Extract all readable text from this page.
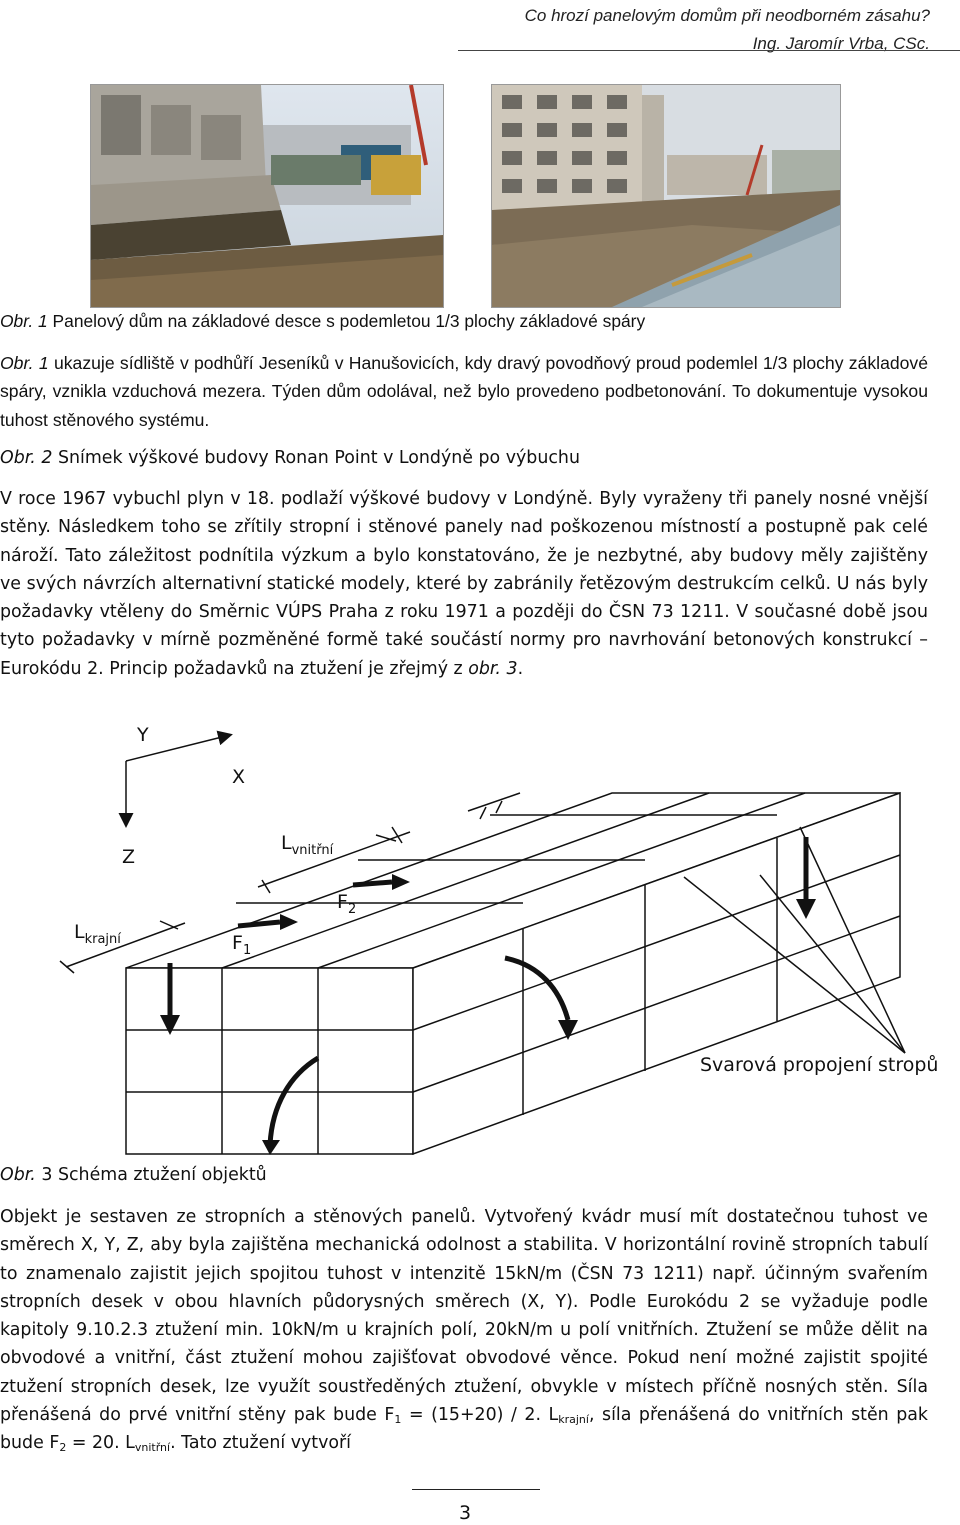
Co hrozí panelovým domům při neodborném zásahu?
Ing. Jaromír Vrba, CSc.

Obr. 1 Panelový dům na základové desce s podemletou 1/3 plochy základové spáry

Obr. 1 ukazuje sídliště v podhůří Jeseníků v Hanušovicích, kdy dravý povodňový proud podemlel 1/3 plochy základové spáry, vznikla vzduchová mezera. Týden dům odolával, než bylo provedeno podbetonování. To dokumentuje vysokou tuhost stěnového systému.

Obr. 2 Snímek výškové budovy Ronan Point v Londýně po výbuchu

V roce 1967 vybuchl plyn v 18. podlaží výškové budovy v Londýně. Byly vyraženy tři panely nosné vnější stěny. Následkem toho se zřítily stropní i stěnové panely nad poškozenou místností a postupně pak celé nároží. Tato záležitost podnítila výzkum a bylo konstatováno, že je nezbytné, aby budovy měly zajištěny ve svých návrzích alternativní statické modely, které by zabránily řetězovým destrukcím celků. U nás byly požadavky vtěleny do Směrnic VÚPS Praha z roku 1971 a později do ČSN 73 1211. V současné době jsou tyto požadavky v mírně pozměněné formě také součástí normy pro navrhování betonových konstrukcí – Eurokódu 2. Princip požadavků na ztužení je zřejmý z obr. 3.

Y
X
Z
$L_{vnitřní}$
$L_{krajní}$
$F_2$
$F_1$
Svarová propojení stropů

Obr. 3 Schéma ztužení objektů

Objekt je sestaven ze stropních a stěnových panelů. Vytvořený kvádr musí mít dostatečnou tuhost ve směrech X, Y, Z, aby byla zajištěna mechanická odolnost a stabilita. V horizontální rovině stropních tabulí to znamenalo zajistit jejich spojitou tuhost v intenzitě 15kN/m (ČSN 73 1211) např. účinným svařením stropních desek v obou hlavních půdorysných směrech (X, Y). Podle Eurokódu 2 se vyžaduje podle kapitoly 9.10.2.3 ztužení min. 10kN/m u krajních polí, 20kN/m u polí vnitřních. Ztužení se může dělit na obvodové a vnitřní, část ztužení mohou zajišťovat obvodové věnce. Pokud není možné zajistit spojité ztužení stropních desek, lze využít soustředěných ztužení, obvykle v místech příčně nosných stěn. Síla přenášená do prvé vnitřní stěny pak bude $F_1 = (15+20) / 2$. $L_{krajní}$, síla přenášená do vnitřních stěn pak bude $F_2 = 20$. $L_{vnitřní}$. Tato ztužení vytvoří

3
